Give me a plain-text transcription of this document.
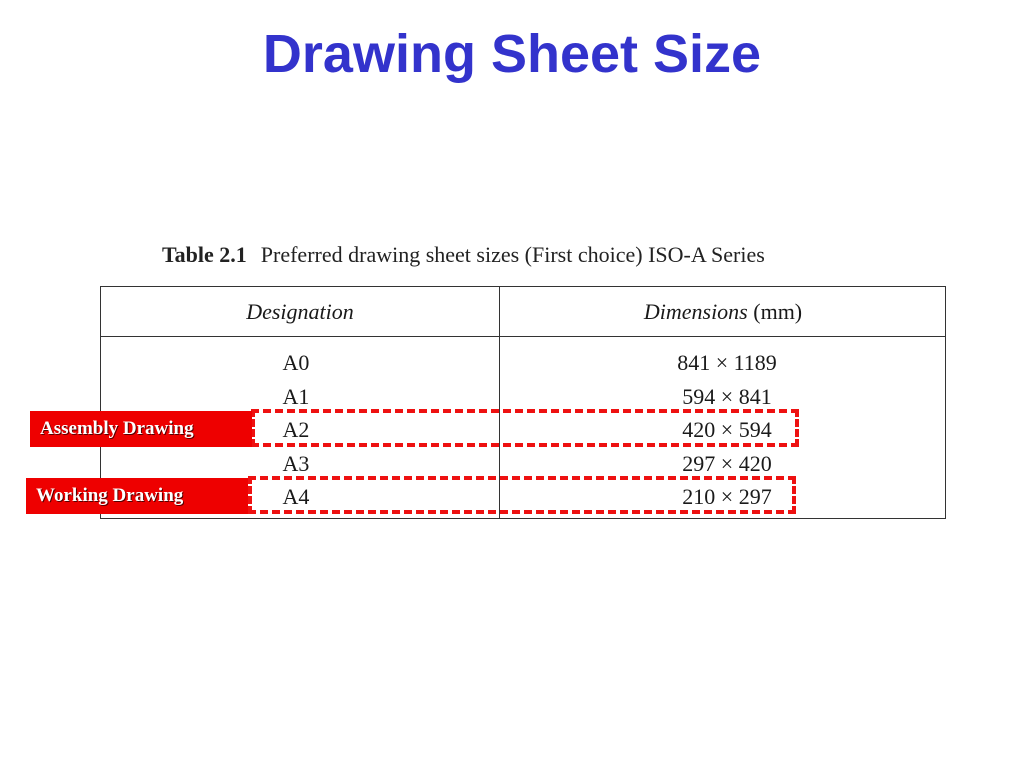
Drawing Sheet Size
Table 2.1 Preferred drawing sheet sizes (First choice) ISO-A Series
Designation	Dimensions (mm)
A0	841 × 1189
A1	594 × 841
A2	420 × 594
A3	297 × 420
A4	210 × 297
Assembly Drawing
Working Drawing
